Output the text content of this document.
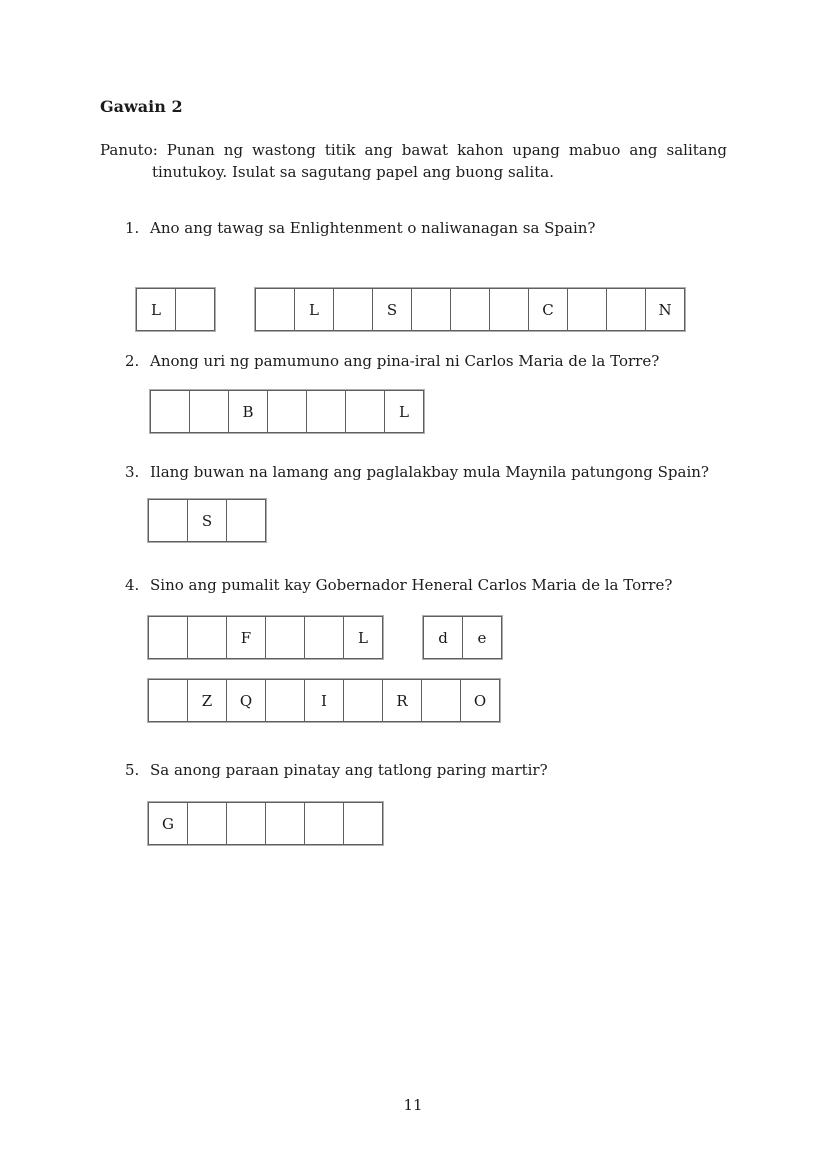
Gawain 2
Panuto: Punan ng wastong titik ang bawat kahon upang mabuo ang salitang
tinutukoy. Isulat sa sagutang papel ang buong salita.
1. Ano ang tawag sa Enlightenment o naliwanagan sa Spain?
L	L	S	C	N
2. Anong uri ng pamumuno ang pina-iral ni Carlos Maria de la Torre?
B	L
3. Ilang buwan na lamang ang paglalakbay mula Maynila patungong Spain?
S
4. Sino ang pumalit kay Gobernador Heneral Carlos Maria de la Torre?
F	L	d	e
Z	Q	I	R	O
5. Sa anong paraan pinatay ang tatlong paring martir?
G
11
